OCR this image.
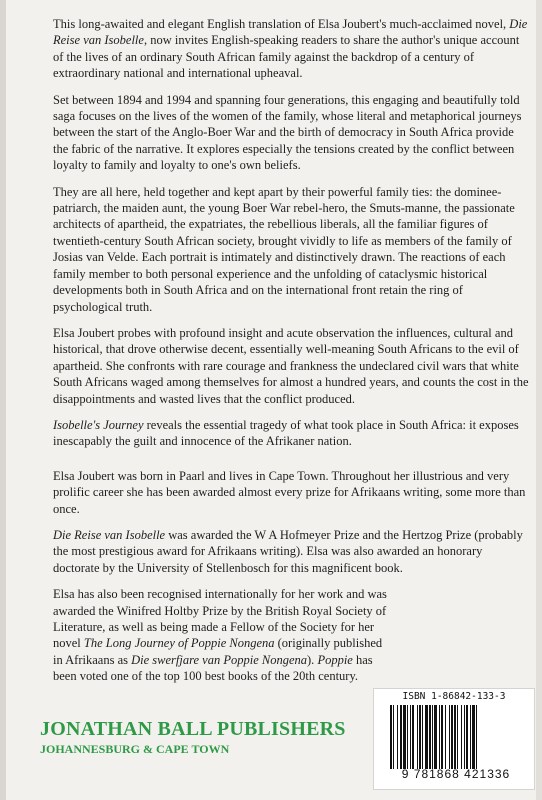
This long-awaited and elegant English translation of Elsa Joubert's much-acclaimed novel, Die Reise van Isobelle, now invites English-speaking readers to share the author's unique account of the lives of an ordinary South African family against the backdrop of a century of extraordinary national and international upheaval.

Set between 1894 and 1994 and spanning four generations, this engaging and beautifully told saga focuses on the lives of the women of the family, whose literal and metaphorical journeys between the start of the Anglo-Boer War and the birth of democracy in South Africa provide the fabric of the narrative. It explores especially the tensions created by the conflict between loyalty to family and loyalty to one's own beliefs.

They are all here, held together and kept apart by their powerful family ties: the dominee-patriarch, the maiden aunt, the young Boer War rebel-hero, the Smuts-manne, the passionate architects of apartheid, the expatriates, the rebellious liberals, all the familiar figures of twentieth-century South African society, brought vividly to life as members of the family of Josias van Velde. Each portrait is intimately and distinctively drawn. The reactions of each family member to both personal experience and the unfolding of cataclysmic historical developments both in South Africa and on the international front retain the ring of psychological truth.

Elsa Joubert probes with profound insight and acute observation the influences, cultural and historical, that drove otherwise decent, essentially well-meaning South Africans to the evil of apartheid. She confronts with rare courage and frankness the undeclared civil wars that white South Africans waged among themselves for almost a hundred years, and counts the cost in the disappointments and wasted lives that the conflict produced.

Isobelle's Journey reveals the essential tragedy of what took place in South Africa: it exposes inescapably the guilt and innocence of the Afrikaner nation.

Elsa Joubert was born in Paarl and lives in Cape Town. Throughout her illustrious and very prolific career she has been awarded almost every prize for Afrikaans writing, some more than once.

Die Reise van Isobelle was awarded the W A Hofmeyer Prize and the Hertzog Prize (probably the most prestigious award for Afrikaans writing). Elsa was also awarded an honorary doctorate by the University of Stellenbosch for this magnificent book.

Elsa has also been recognised internationally for her work and was awarded the Winifred Holtby Prize by the British Royal Society of Literature, as well as being made a Fellow of the Society for her novel The Long Journey of Poppie Nongena (originally published in Afrikaans as Die swerfjare van Poppie Nongena). Poppie has been voted one of the top 100 best books of the 20th century.

ISBN 1-86842-133-3
9 781868 421336
JONATHAN BALL PUBLISHERS
JOHANNESBURG & CAPE TOWN
